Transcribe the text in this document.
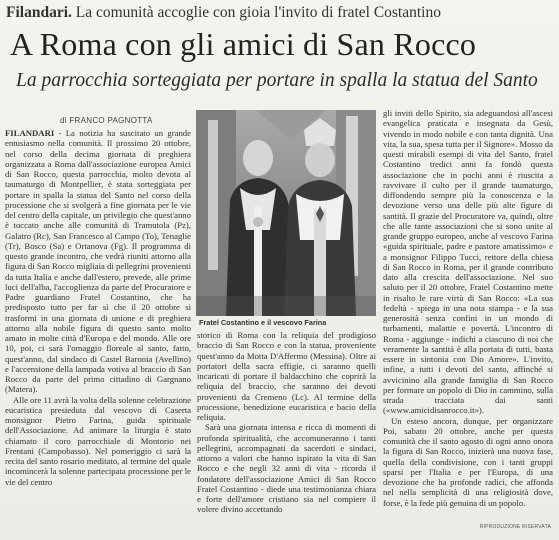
Filandari. La comunità accoglie con gioia l'invito di fratel Costantino
A Roma con gli amici di San Rocco
La parrocchia sorteggiata per portare in spalla la statua del Santo
di FRANCO PAGNOTTA

FILANDARI - La notizia ha suscitato un grande entusiasmo nella comunità. Il prossimo 20 ottobre, nel corso della decima giornata di preghiera organizzata a Roma dall'associazione europea Amici di San Rocco, questa parrocchia, molto devota al taumaturgo di Montpellier, è stata sorteggiata per portare in spalla la statua del Santo nel corso della processione che si svolgerà a fine giornata per le vie del centro della capitale, un privilegio che quest'anno è toccato anche alle comunità di Tramutola (Pz), Galatro (Rc), San Francesco al Campo (To), Tenaglie (Tr), Bosco (Sa) e Ortanova (Fg). Il programma di questo grande incontro, che vedrà riuniti attorno alla figura di San Rocco migliaia di pellegrini provenienti da tutta Italia e anche dall'estero, prevede, alle prime luci dell'alba, l'accoglienza da parte del Procuratore e Padre guardiano Fratel Costantino, che ha predisposto tutto per far sì che il 20 ottobre si trasformi in una giornata di unione e di preghiera attorno alla nobile figura di questo santo molto amato in molte città d'Europa e del mondo. Alle ore 10, poi, ci sarà l'omaggio floreale al santo, fatto, quest'anno, dal sindaco di Castel Baronia (Avellino) e l'accensione della lampada votiva al braccio di San Rocco da parte del primo cittadino di Gargnano (Matera).

Alle ore 11 avrà la volta della solenne celebrazione eucaristica presieduta dal vescovo di Caserta monsignor Pietro Farina, guida spirituale dell'Associazione. Ad animare la liturgia è stato chiamato il coro parrocchiale di Montorio nei Frentani (Campobasso). Nel pomeriggio ci sarà la recita del santo rosario meditato, al termine del quale incomincerà la solenne partecipata processione per le vie del centro

Fratel Costantino e il vescovo Farina

storico di Roma con la reliquia del prodigioso braccio di San Rocco e con la statua, proveniente quest'anno da Motta D'Affermo (Messina). Oltre ai portatori della sacra effigie, ci saranno quelli incaricati di portare il baldacchino che coprirà la reliquia del braccio, che saranno dei devoti provenienti da Cremeno (Lc). Al termine della processione, benedizione eucaristica e bacio della reliquia.

Sarà una giornata intensa e ricca di momenti di profonda spiritualità, che accomuneranno i tanti pellegrini, accompagnati da sacerdoti e sindaci, attorno a valori che hanno ispirato la vita di San Rocco e che negli 32 anni di vita - ricorda il fondatore dell'associazione Amici di San Rocco Fratel Costantino - diede una testimonianza chiara e forte dell'amore cristiano sia nel compiere il volere divino accettando

gli inviti dello Spirito, sia adeguandosi all'ascesi evangelica praticata e insegnata da Gesù, vivendo in modo nobile e con tanta dignità. Una vita, la sua, spesa tutta per il Signore». Mosso da questi mirabili esempi di vita del Santo, fratel Costantino tredici anni fa fondò questa associazione che in pochi anni è riuscita a ravvivare il culto per il grande taumaturgo, diffondendo sempre più la conoscenza e la devozione verso una delle più alte figure di santità. Il grazie del Procuratore va, quindi, oltre che alle tante associazioni che si sono unite al grande gruppo europeo, anche al vescovo Farina «guida spirituale, padre e pastore amatissimo» e a monsignor Filippo Tucci, rettore della chiesa di San Rocco in Roma, per il grande contributo dato alla crescita dell'associazione. Nel suo saluto per il 20 ottobre, Fratel Costantino mette in risalto le rare virtù di San Rocco: «La sua fedeltà - spiega in una nota stampa - e la sua generosità senza confini in un mondo di turbamenti, malattie e povertà. L'incontro di Roma - aggiunge - indichi a ciascuno di noi che veramente la santità è alla portata di tutti, basta essere in sintonia con Dio Amore». L'invito, infine, a tutti i devoti del santo, affinché si avvicinino alla grande famiglia di San Rocco per formare un popolo di Dio in cammino, sulla strada tracciata dai santi («www.amicidisanrocco.it»).

Un esteso ancora, dunque, per organizzare Poi, sabato 20 ottobre, anche per questa comunità che il santo agosto di ogni anno onora la figura di San Rocco, inizierà una nuova fase, quella della condivisione, con i tanti gruppi sparsi per l'Italia e per l'Europa, di una devozione che ha profonde radici, che affonda nel nella semplicità di una religiosità dove, forse, è la fede più genuina di un popolo.

RIPRODUZIONE RISERVATA
